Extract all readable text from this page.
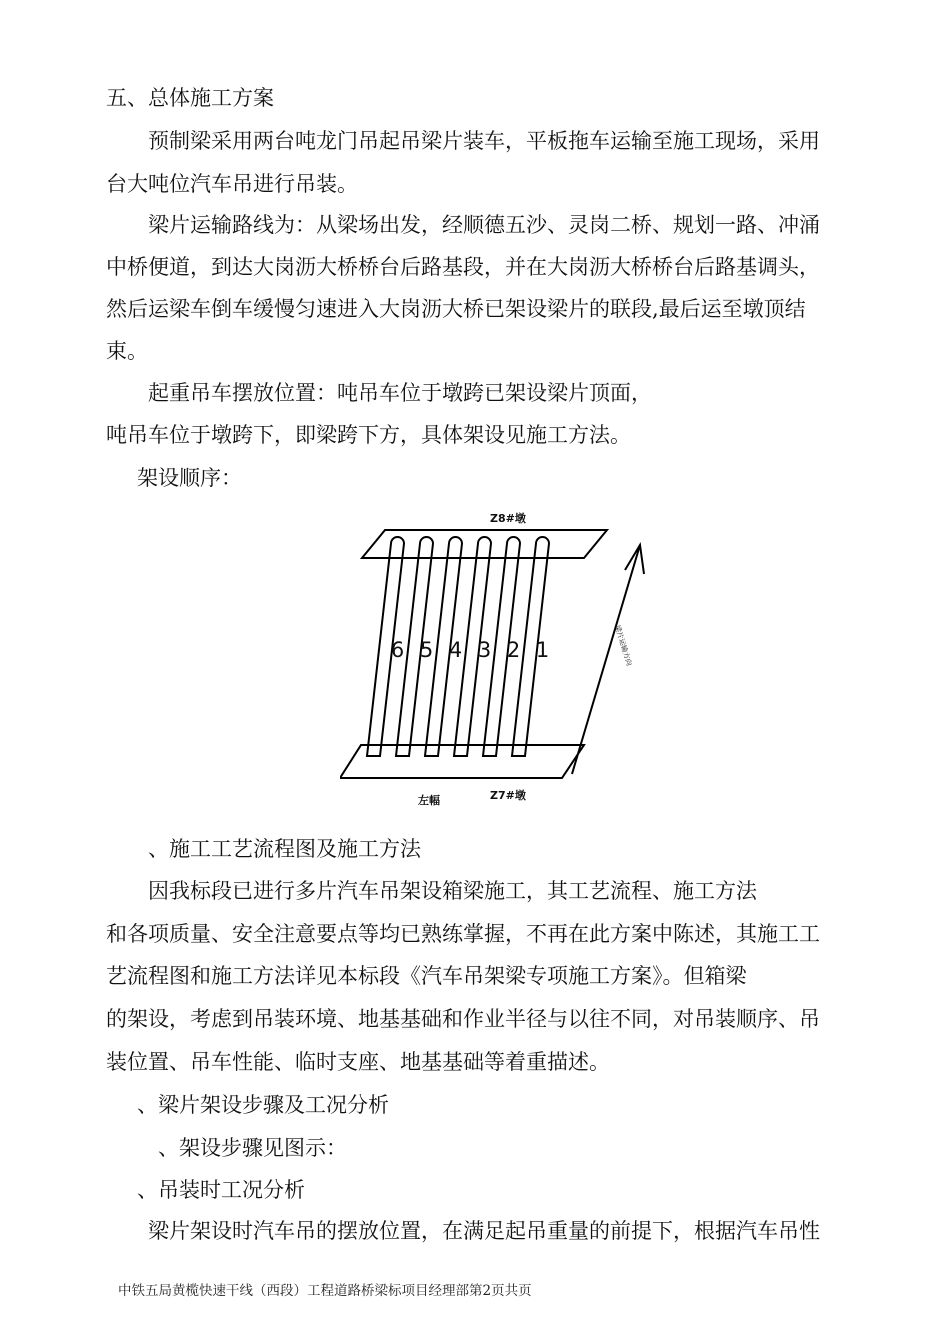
五、总体施工方案
预制梁采用两台吨龙门吊起吊梁片装车，平板拖车运输至施工现场，采用
台大吨位汽车吊进行吊装。
梁片运输路线为：从梁场出发，经顺德五沙、灵岗二桥、规划一路、冲涌
中桥便道，到达大岗沥大桥桥台后路基段，并在大岗沥大桥桥台后路基调头，
然后运梁车倒车缓慢匀速进入大岗沥大桥已架设梁片的联段,最后运至墩顶结
束。
起重吊车摆放位置：吨吊车位于墩跨已架设梁片顶面，
吨吊车位于墩跨下，即梁跨下方，具体架设见施工方法。
架设顺序：
6 5 4 3 2 1	梁片运输方向
Z8#墩
Z7#墩
左幅
、施工工艺流程图及施工方法
因我标段已进行多片汽车吊架设箱梁施工，其工艺流程、施工方法
和各项质量、安全注意要点等均已熟练掌握，不再在此方案中陈述，其施工工
艺流程图和施工方法详见本标段《汽车吊架梁专项施工方案》。但箱梁
的架设，考虑到吊装环境、地基基础和作业半径与以往不同，对吊装顺序、吊
装位置、吊车性能、临时支座、地基基础等着重描述。
、梁片架设步骤及工况分析
、架设步骤见图示：
、吊装时工况分析
梁片架设时汽车吊的摆放位置，在满足起吊重量的前提下，根据汽车吊性
中铁五局黄榄快速干线（西段）工程道路桥梁标项目经理部第2页共页
